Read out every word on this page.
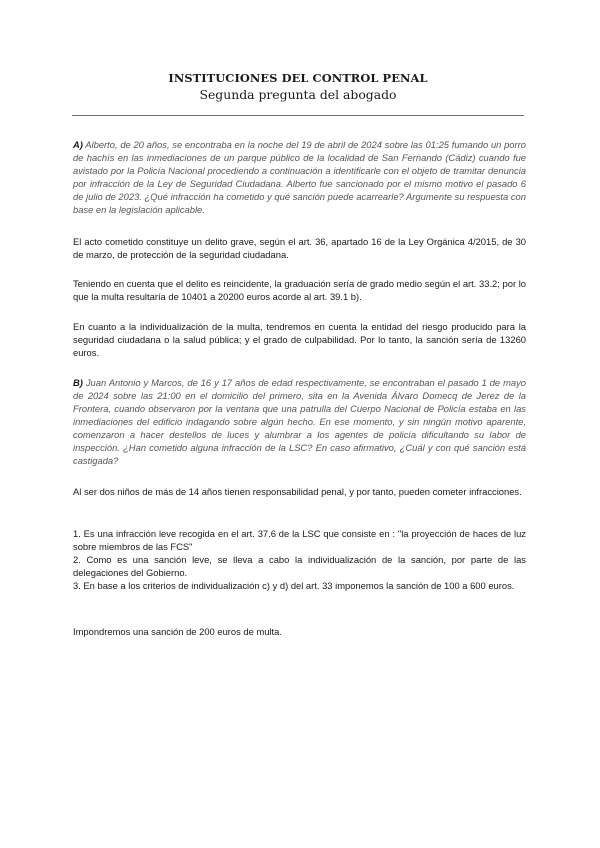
INSTITUCIONES DEL CONTROL PENAL
Segunda pregunta del abogado
A) Alberto, de 20 años, se encontraba en la noche del 19 de abril de 2024 sobre las 01:25 fumando un porro de hachís en las inmediaciones de un parque público de la localidad de San Fernando (Cádiz) cuando fue avistado por la Policía Nacional procediendo a continuación a identificarle con el objeto de tramitar denuncia por infracción de la Ley de Seguridad Ciudadana. Alberto fue sancionado por el mismo motivo el pasado 6 de julio de 2023. ¿Qué infracción ha cometido y qué sanción puede acarrearle? Argumente su respuesta con base en la legislación aplicable.
El acto cometido constituye un delito grave, según el art. 36, apartado 16 de la Ley Orgánica 4/2015, de 30 de marzo, de protección de la seguridad ciudadana.
Teniendo en cuenta que el delito es reincidente, la graduación sería de grado medio según el art. 33.2; por lo que la multa resultaría de 10401 a 20200 euros acorde al art. 39.1 b).
En cuanto a la individualización de la multa, tendremos en cuenta la entidad del riesgo producido para la seguridad ciudadana o la salud pública; y el grado de culpabilidad. Por lo tanto, la sanción sería de 13260 euros.
B) Juan Antonio y Marcos, de 16 y 17 años de edad respectivamente, se encontraban el pasado 1 de mayo de 2024 sobre las 21:00 en el domicilio del primero, sita en la Avenida Álvaro Domecq de Jerez de la Frontera, cuando observaron por la ventana que una patrulla del Cuerpo Nacional de Policía estaba en las inmediaciones del edificio indagando sobre algún hecho. En ese momento, y sin ningún motivo aparente, comenzaron a hacer destellos de luces y alumbrar a los agentes de policía dificultando su labor de inspección. ¿Han cometido alguna infracción de la LSC? En caso afirmativo, ¿Cuál y con qué sanción está castigada?
Al ser dos niños de más de 14 años tienen responsabilidad penal, y por tanto, pueden cometer infracciones.
1. Es una infracción leve recogida en el art. 37.6 de la LSC que consiste en : "la proyección de haces de luz sobre miembros de las FCS"
2. Como es una sanción leve, se lleva a cabo la individualización de la sanción, por parte de las delegaciones del Gobierno.
3. En base a los criterios de individualización c) y d) del art. 33 imponemos la sanción de 100 a 600 euros.
Impondremos una sanción de 200 euros de multa.
